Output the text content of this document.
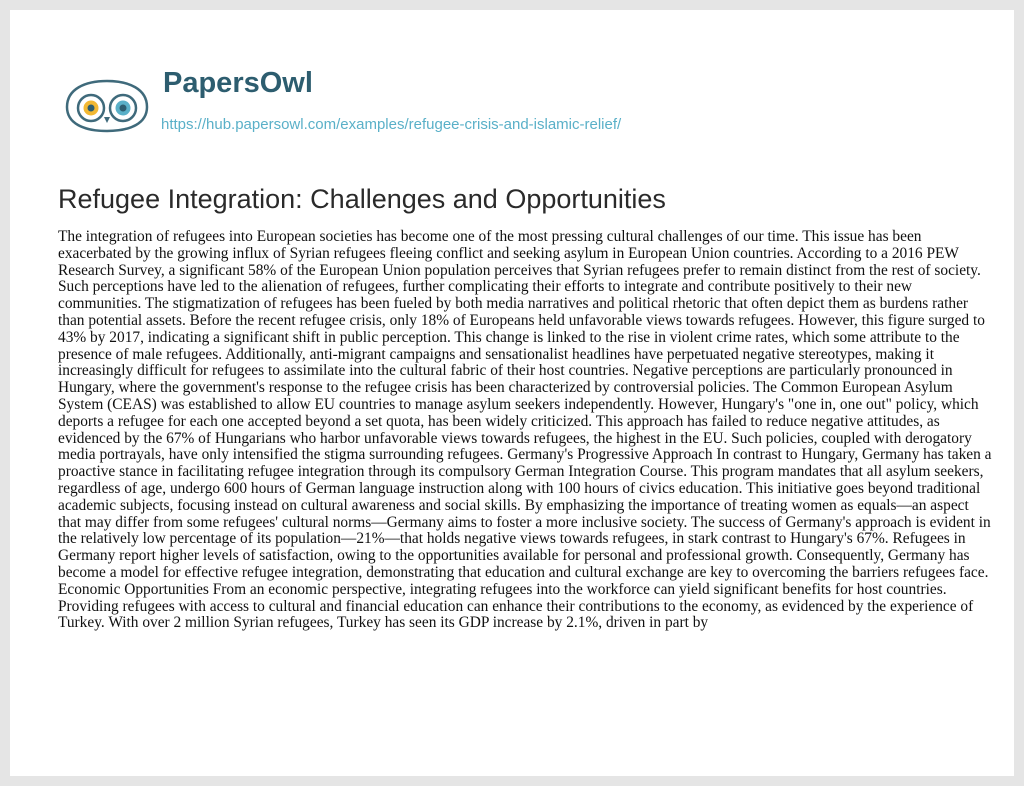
PapersOwl
https://hub.papersowl.com/examples/refugee-crisis-and-islamic-relief/
Refugee Integration: Challenges and Opportunities

The integration of refugees into European societies has become one of the most pressing cultural challenges of our time. This issue has been exacerbated by the growing influx of Syrian refugees fleeing conflict and seeking asylum in European Union countries. According to a 2016 PEW Research Survey, a significant 58% of the European Union population perceives that Syrian refugees prefer to remain distinct from the rest of society. Such perceptions have led to the alienation of refugees, further complicating their efforts to integrate and contribute positively to their new communities. The stigmatization of refugees has been fueled by both media narratives and political rhetoric that often depict them as burdens rather than potential assets. Before the recent refugee crisis, only 18% of Europeans held unfavorable views towards refugees. However, this figure surged to 43% by 2017, indicating a significant shift in public perception. This change is linked to the rise in violent crime rates, which some attribute to the presence of male refugees. Additionally, anti-migrant campaigns and sensationalist headlines have perpetuated negative stereotypes, making it increasingly difficult for refugees to assimilate into the cultural fabric of their host countries. Negative perceptions are particularly pronounced in Hungary, where the government's response to the refugee crisis has been characterized by controversial policies. The Common European Asylum System (CEAS) was established to allow EU countries to manage asylum seekers independently. However, Hungary's "one in, one out" policy, which deports a refugee for each one accepted beyond a set quota, has been widely criticized. This approach has failed to reduce negative attitudes, as evidenced by the 67% of Hungarians who harbor unfavorable views towards refugees, the highest in the EU. Such policies, coupled with derogatory media portrayals, have only intensified the stigma surrounding refugees. Germany's Progressive Approach In contrast to Hungary, Germany has taken a proactive stance in facilitating refugee integration through its compulsory German Integration Course. This program mandates that all asylum seekers, regardless of age, undergo 600 hours of German language instruction along with 100 hours of civics education. This initiative goes beyond traditional academic subjects, focusing instead on cultural awareness and social skills. By emphasizing the importance of treating women as equals—an aspect that may differ from some refugees' cultural norms—Germany aims to foster a more inclusive society. The success of Germany's approach is evident in the relatively low percentage of its population—21%—that holds negative views towards refugees, in stark contrast to Hungary's 67%. Refugees in Germany report higher levels of satisfaction, owing to the opportunities available for personal and professional growth. Consequently, Germany has become a model for effective refugee integration, demonstrating that education and cultural exchange are key to overcoming the barriers refugees face. Economic Opportunities From an economic perspective, integrating refugees into the workforce can yield significant benefits for host countries. Providing refugees with access to cultural and financial education can enhance their contributions to the economy, as evidenced by the experience of Turkey. With over 2 million Syrian refugees, Turkey has seen its GDP increase by 2.1%, driven in part by
